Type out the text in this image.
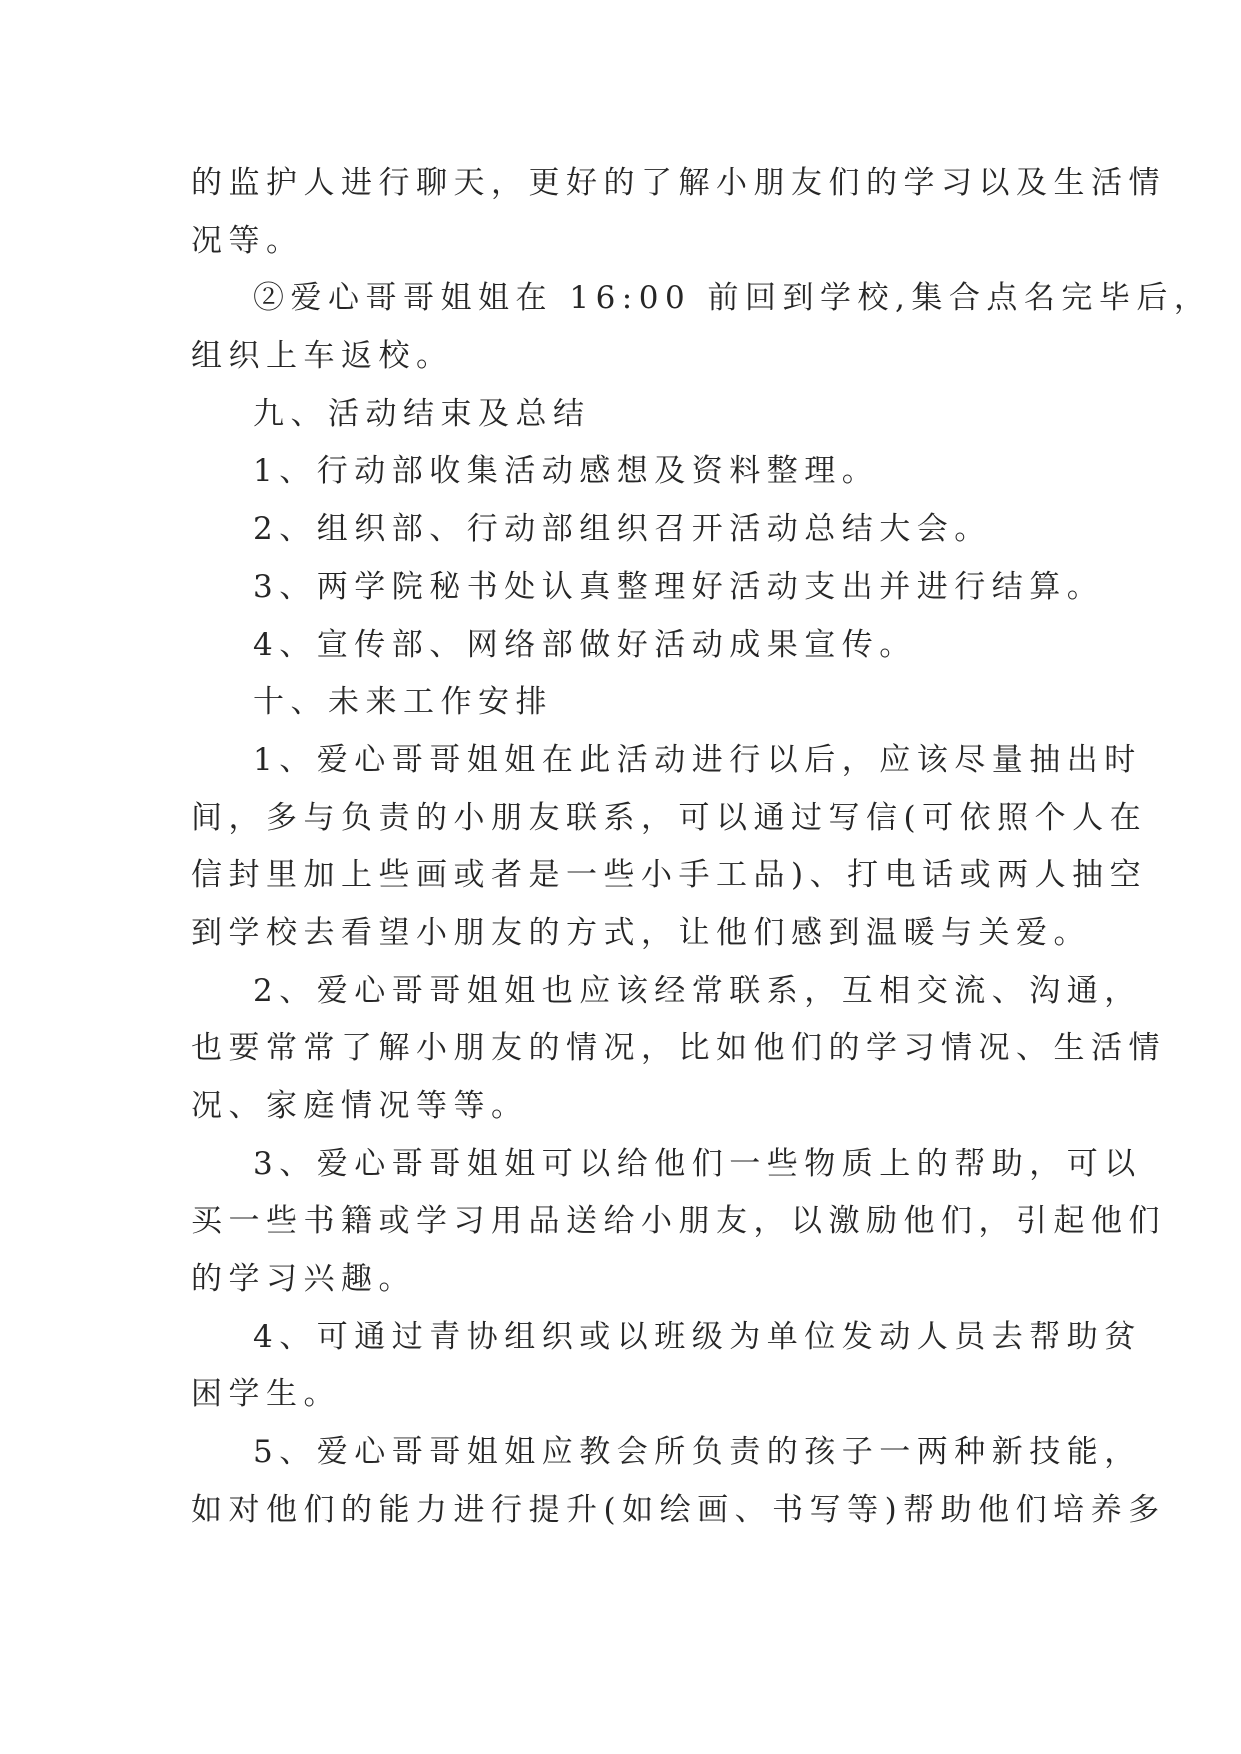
的监护人进行聊天，更好的了解小朋友们的学习以及生活情
况等。
②爱心哥哥姐姐在 16:00 前回到学校,集合点名完毕后，
组织上车返校。
九、活动结束及总结
1、行动部收集活动感想及资料整理。
2、组织部、行动部组织召开活动总结大会。
3、两学院秘书处认真整理好活动支出并进行结算。
4、宣传部、网络部做好活动成果宣传。
十、未来工作安排
1、爱心哥哥姐姐在此活动进行以后，应该尽量抽出时
间，多与负责的小朋友联系，可以通过写信(可依照个人在
信封里加上些画或者是一些小手工品)、打电话或两人抽空
到学校去看望小朋友的方式，让他们感到温暖与关爱。
2、爱心哥哥姐姐也应该经常联系，互相交流、沟通，
也要常常了解小朋友的情况，比如他们的学习情况、生活情
况、家庭情况等等。
3、爱心哥哥姐姐可以给他们一些物质上的帮助，可以
买一些书籍或学习用品送给小朋友，以激励他们，引起他们
的学习兴趣。
4、可通过青协组织或以班级为单位发动人员去帮助贫
困学生。
5、爱心哥哥姐姐应教会所负责的孩子一两种新技能，
如对他们的能力进行提升(如绘画、书写等)帮助他们培养多
